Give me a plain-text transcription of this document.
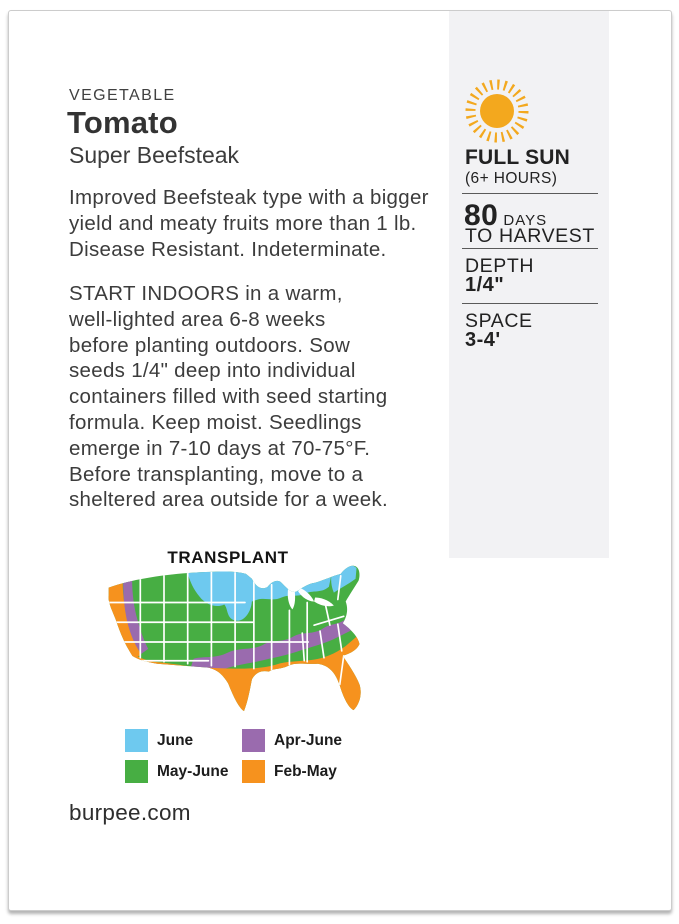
VEGETABLE
Tomato
Super Beefsteak
Improved Beefsteak type with a bigger
yield and meaty fruits more than 1 lb.
Disease Resistant. Indeterminate.
START INDOORS in a warm,
well-lighted area 6-8 weeks
before planting outdoors. Sow
seeds 1/4" deep into individual
containers filled with seed starting
formula. Keep moist. Seedlings
emerge in 7-10 days at 70-75°F.
Before transplanting, move to a
sheltered area outside for a week.
FULL SUN
(6+ HOURS)
80 DAYS
TO HARVEST
DEPTH
1/4"
SPACE
3-4'
TRANSPLANT
June
May-June
Apr-June
Feb-May
burpee.com
